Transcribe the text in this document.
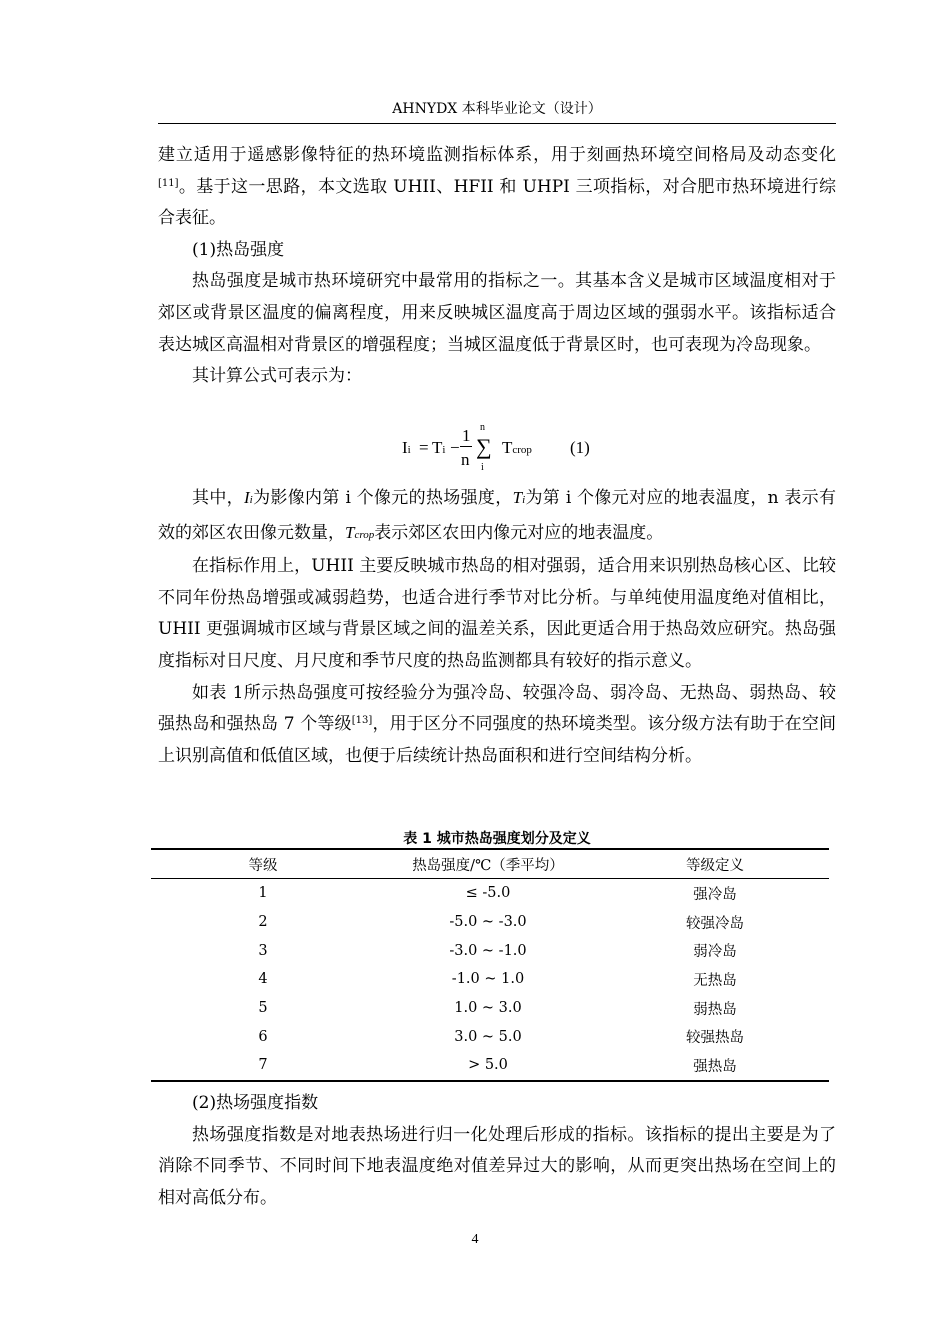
AHNYDX 本科毕业论文（设计）

建立适用于遥感影像特征的热环境监测指标体系，用于刻画热环境空间格局及动态变化[11]。基于这一思路，本文选取 UHII、HFII 和 UHPI 三项指标，对合肥市热环境进行综合表征。

(1)热岛强度

热岛强度是城市热环境研究中最常用的指标之一。其基本含义是城市区域温度相对于郊区或背景区温度的偏离程度，用来反映城区温度高于周边区域的强弱水平。该指标适合表达城区高温相对背景区的增强程度；当城区温度低于背景区时，也可表现为冷岛现象。

其计算公式可表示为：

Ii = Ti −
1
n
n
∑
i
Tcrop (1)

其中，Ii为影像内第 i 个像元的热场强度，Ti为第 i 个像元对应的地表温度，n 表示有效的郊区农田像元数量，Tcrop表示郊区农田内像元对应的地表温度。

在指标作用上，UHII 主要反映城市热岛的相对强弱，适合用来识别热岛核心区、比较不同年份热岛增强或减弱趋势，也适合进行季节对比分析。与单纯使用温度绝对值相比，UHII 更强调城市区域与背景区域之间的温差关系，因此更适合用于热岛效应研究。热岛强度指标对日尺度、月尺度和季节尺度的热岛监测都具有较好的指示意义。

如表 1所示热岛强度可按经验分为强冷岛、较强冷岛、弱冷岛、无热岛、弱热岛、较强热岛和强热岛 7 个等级[13]，用于区分不同强度的热环境类型。该分级方法有助于在空间上识别高值和低值区域，也便于后续统计热岛面积和进行空间结构分析。

表 1 城市热岛强度划分及定义
等级	热岛强度/℃（季平均）	等级定义
1	≤ -5.0	强冷岛
2	-5.0 ~ -3.0	较强冷岛
3	-3.0 ~ -1.0	弱冷岛
4	-1.0 ~ 1.0	无热岛
5	1.0 ~ 3.0	弱热岛
6	3.0 ~ 5.0	较强热岛
7	> 5.0	强热岛

(2)热场强度指数

热场强度指数是对地表热场进行归一化处理后形成的指标。该指标的提出主要是为了消除不同季节、不同时间下地表温度绝对值差异过大的影响，从而更突出热场在空间上的相对高低分布。

4
